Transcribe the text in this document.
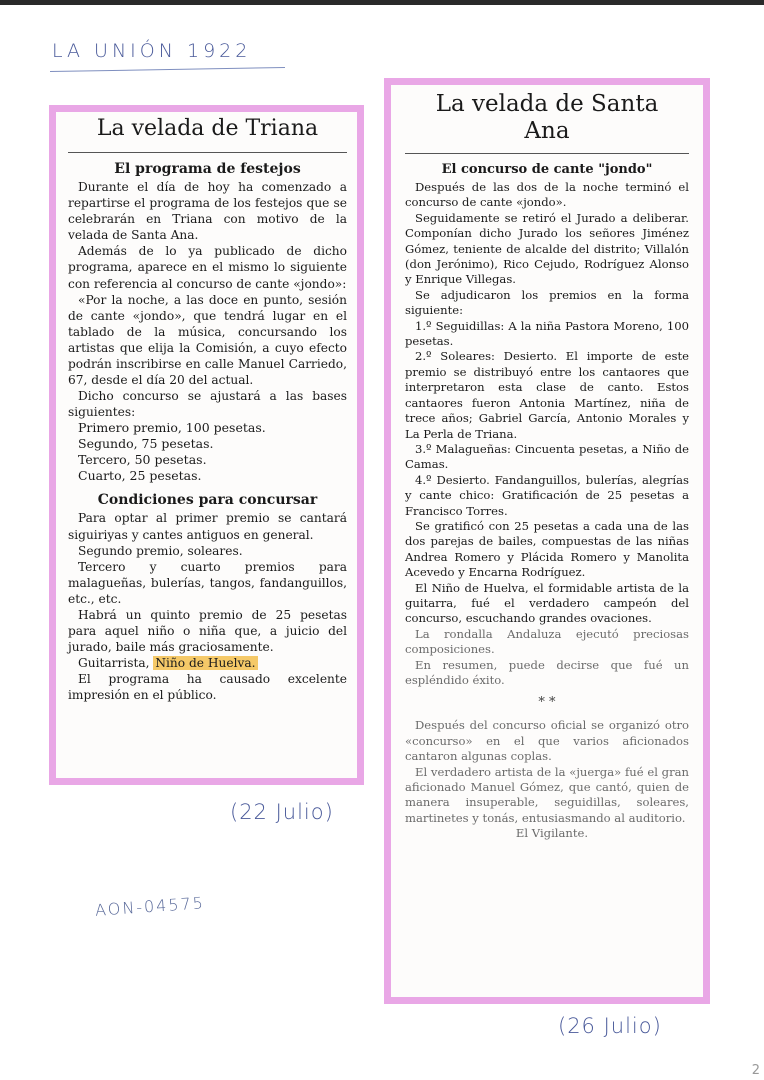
LA UNIÓN 1922
La velada de Triana
El programa de festejos

Durante el día de hoy ha comenzado a repartirse el programa de los festejos que se celebrarán en Triana con motivo de la velada de Santa Ana.

Además de lo ya publicado de dicho programa, aparece en el mismo lo siguiente con referencia al concurso de cante «jondo»:

«Por la noche, a las doce en punto, sesión de cante «jondo», que tendrá lugar en el tablado de la música, concursando los artistas que elija la Comisión, a cuyo efecto podrán inscribirse en calle Manuel Carriedo, 67, desde el día 20 del actual.

Dicho concurso se ajustará a las bases siguientes:

Primero premio, 100 pesetas.

Segundo, 75 pesetas.

Tercero, 50 pesetas.

Cuarto, 25 pesetas.

Condiciones para concursar

Para optar al primer premio se cantará siguiriyas y cantes antiguos en general.

Segundo premio, soleares.

Tercero y cuarto premios para malagueñas, bulerías, tangos, fandanguillos, etc., etc.

Habrá un quinto premio de 25 pesetas para aquel niño o niña que, a juicio del jurado, baile más graciosamente.

Guitarrista, Niño de Huelva.

El programa ha causado excelente impresión en el público.

(22 Julio)
AON-04575
La velada de Santa
Ana
El concurso de cante "jondo"

Después de las dos de la noche terminó el concurso de cante «jondo».

Seguidamente se retiró el Jurado a deliberar. Componían dicho Jurado los señores Jiménez Gómez, teniente de alcalde del distrito; Villalón (don Jerónimo), Rico Cejudo, Rodríguez Alonso y Enrique Villegas.

Se adjudicaron los premios en la forma siguiente:

1.º Seguidillas: A la niña Pastora Moreno, 100 pesetas.

2.º Soleares: Desierto. El importe de este premio se distribuyó entre los cantaores que interpretaron esta clase de canto. Estos cantaores fueron Antonia Martínez, niña de trece años; Gabriel García, Antonio Morales y La Perla de Triana.

3.º Malagueñas: Cincuenta pesetas, a Niño de Camas.

4.º Desierto. Fandanguillos, bulerías, alegrías y cante chico: Gratificación de 25 pesetas a Francisco Torres.

Se gratificó con 25 pesetas a cada una de las dos parejas de bailes, compuestas de las niñas Andrea Romero y Plácida Romero y Manolita Acevedo y Encarna Rodríguez.

El Niño de Huelva, el formidable artista de la guitarra, fué el verdadero campeón del concurso, escuchando grandes ovaciones.

La rondalla Andaluza ejecutó preciosas composiciones.

En resumen, puede decirse que fué un espléndido éxito.

* *

Después del concurso oficial se organizó otro «concurso» en el que varios aficionados cantaron algunas coplas.

El verdadero artista de la «juerga» fué el gran aficionado Manuel Gómez, que cantó, quien de manera insuperable, seguidillas, soleares, martinetes y tonás, entusiasmando al auditorio.

El Vigilante.

(26 Julio)
2
